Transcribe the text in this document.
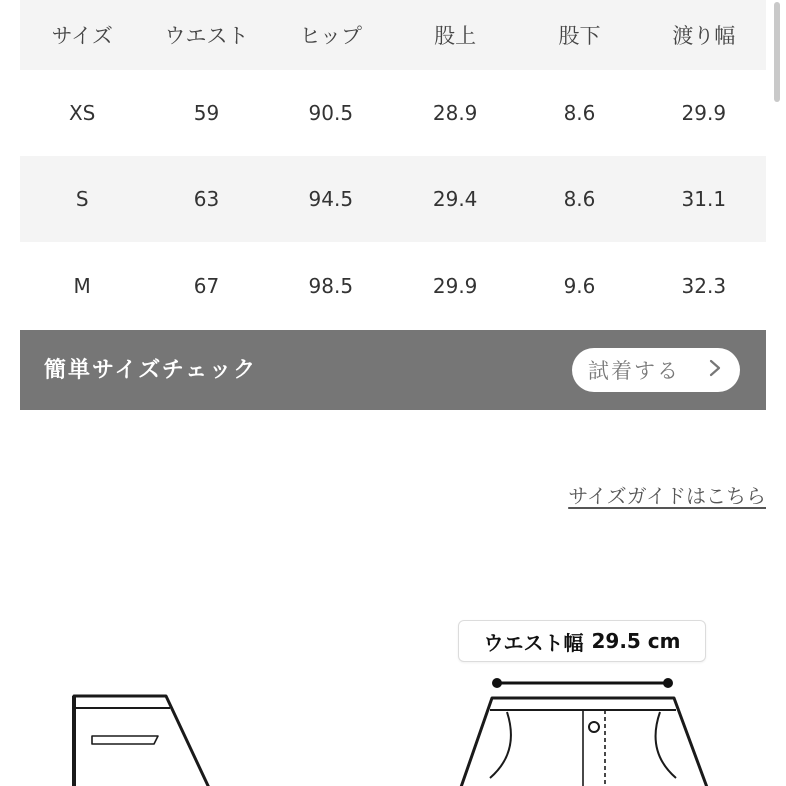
サイズ	ウエスト	ヒップ	股上	股下	渡り幅
XS	59	90.5	28.9	8.6	29.9
S	63	94.5	29.4	8.6	31.1
M	67	98.5	29.9	9.6	32.3
簡単サイズチェック	試着する
サイズガイドはこちら
ウエスト幅 29.5 cm
